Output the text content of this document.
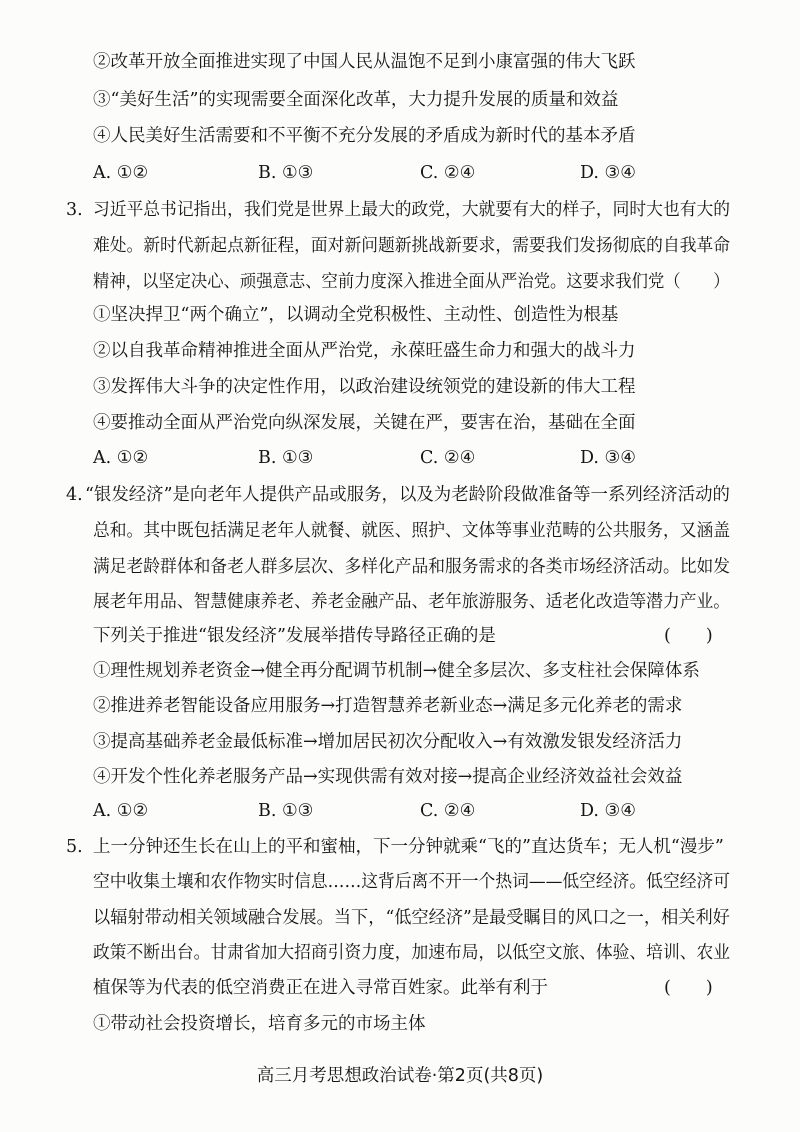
②改革开放全面推进实现了中国人民从温饱不足到小康富强的伟大飞跃
③“美好生活”的实现需要全面深化改革，大力提升发展的质量和效益
④人民美好生活需要和不平衡不充分发展的矛盾成为新时代的基本矛盾
A. ①②	B. ①③	C. ②④	D. ③④
3. 习近平总书记指出，我们党是世界上最大的政党，大就要有大的样子，同时大也有大的
难处。新时代新起点新征程，面对新问题新挑战新要求，需要我们发扬彻底的自我革命
精神，以坚定决心、顽强意志、空前力度深入推进全面从严治党。这要求我们党（　　）
①坚决捍卫“两个确立”，以调动全党积极性、主动性、创造性为根基
②以自我革命精神推进全面从严治党，永葆旺盛生命力和强大的战斗力
③发挥伟大斗争的决定性作用，以政治建设统领党的建设新的伟大工程
④要推动全面从严治党向纵深发展，关键在严，要害在治，基础在全面
A. ①②	B. ①③	C. ②④	D. ③④
4. “银发经济”是向老年人提供产品或服务，以及为老龄阶段做准备等一系列经济活动的
总和。其中既包括满足老年人就餐、就医、照护、文体等事业范畴的公共服务，又涵盖
满足老龄群体和备老人群多层次、多样化产品和服务需求的各类市场经济活动。比如发
展老年用品、智慧健康养老、养老金融产品、老年旅游服务、适老化改造等潜力产业。
下列关于推进“银发经济”发展举措传导路径正确的是	(　　)
①理性规划养老资金→健全再分配调节机制→健全多层次、多支柱社会保障体系
②推进养老智能设备应用服务→打造智慧养老新业态→满足多元化养老的需求
③提高基础养老金最低标准→增加居民初次分配收入→有效激发银发经济活力
④开发个性化养老服务产品→实现供需有效对接→提高企业经济效益社会效益
A. ①②	B. ①③	C. ②④	D. ③④
5. 上一分钟还生长在山上的平和蜜柚，下一分钟就乘“飞的”直达货车；无人机“漫步”
空中收集土壤和农作物实时信息……这背后离不开一个热词——低空经济。低空经济可
以辐射带动相关领域融合发展。当下，“低空经济”是最受瞩目的风口之一，相关利好
政策不断出台。甘肃省加大招商引资力度，加速布局，以低空文旅、体验、培训、农业
植保等为代表的低空消费正在进入寻常百姓家。此举有利于	(　　)
①带动社会投资增长，培育多元的市场主体
高三月考思想政治试卷·第2页(共8页)
